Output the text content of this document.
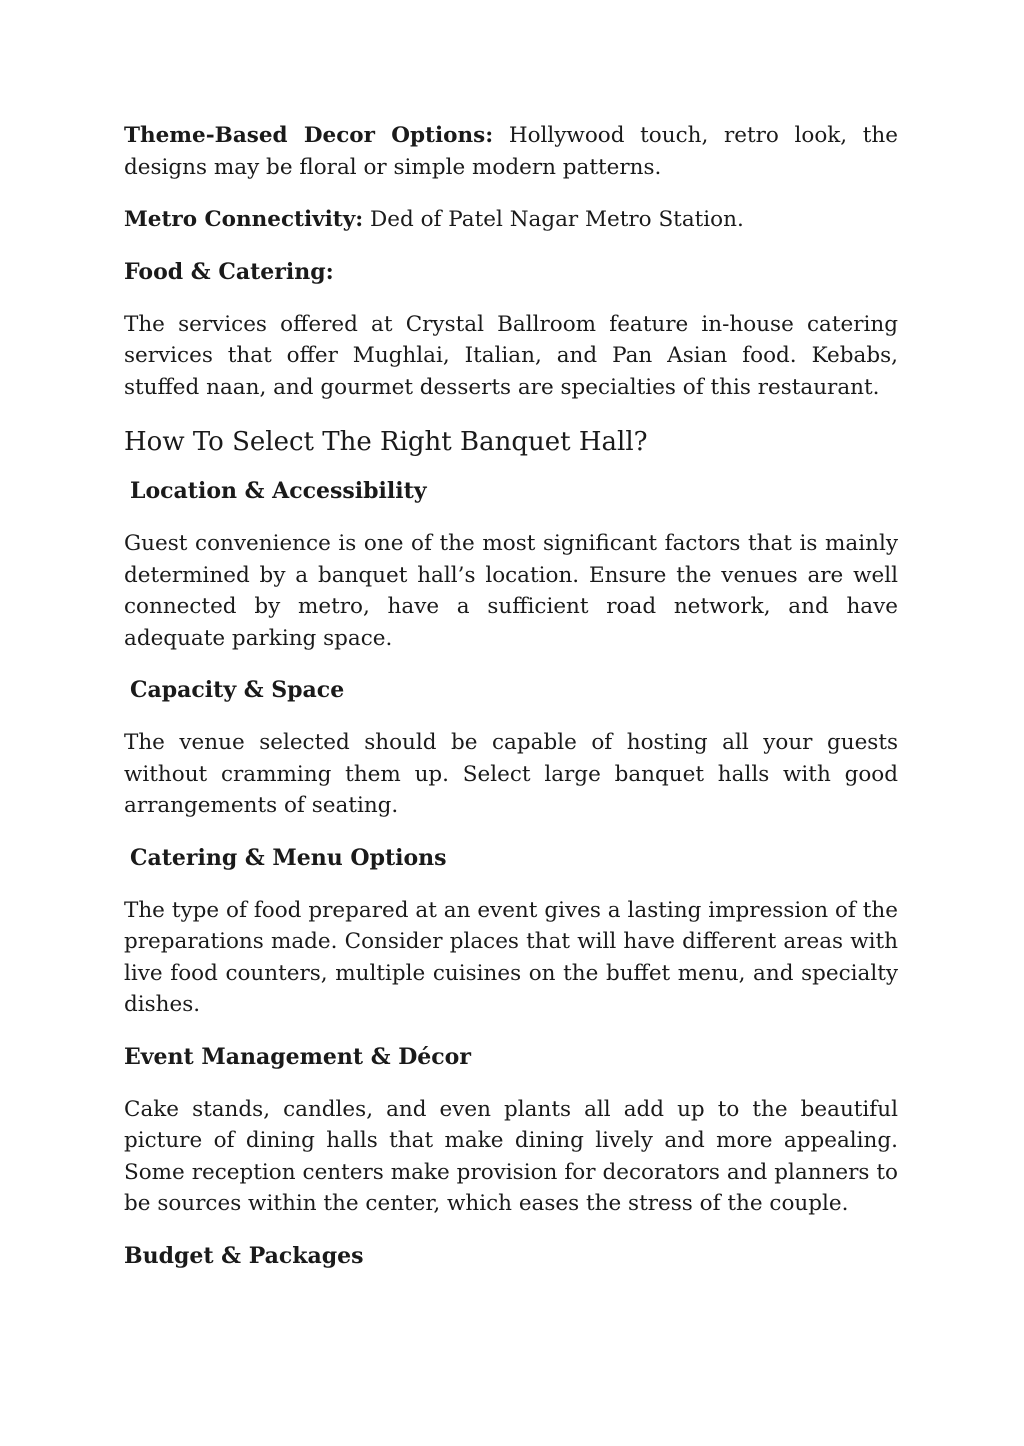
Theme-Based Decor Options: Hollywood touch, retro look, the designs may be floral or simple modern patterns.

Metro Connectivity: Ded of Patel Nagar Metro Station.

Food & Catering:

The services offered at Crystal Ballroom feature in-house catering services that offer Mughlai, Italian, and Pan Asian food. Kebabs, stuffed naan, and gourmet desserts are specialties of this restaurant.

How To Select The Right Banquet Hall?
Location & Accessibility

Guest convenience is one of the most significant factors that is mainly determined by a banquet hall’s location. Ensure the venues are well connected by metro, have a sufficient road network, and have adequate parking space.

Capacity & Space

The venue selected should be capable of hosting all your guests without cramming them up. Select large banquet halls with good arrangements of seating.

Catering & Menu Options

The type of food prepared at an event gives a lasting impression of the preparations made. Consider places that will have different areas with live food counters, multiple cuisines on the buffet menu, and specialty dishes.

Event Management & Décor

Cake stands, candles, and even plants all add up to the beautiful picture of dining halls that make dining lively and more appealing. Some reception centers make provision for decorators and planners to be sources within the center, which eases the stress of the couple.

Budget & Packages
